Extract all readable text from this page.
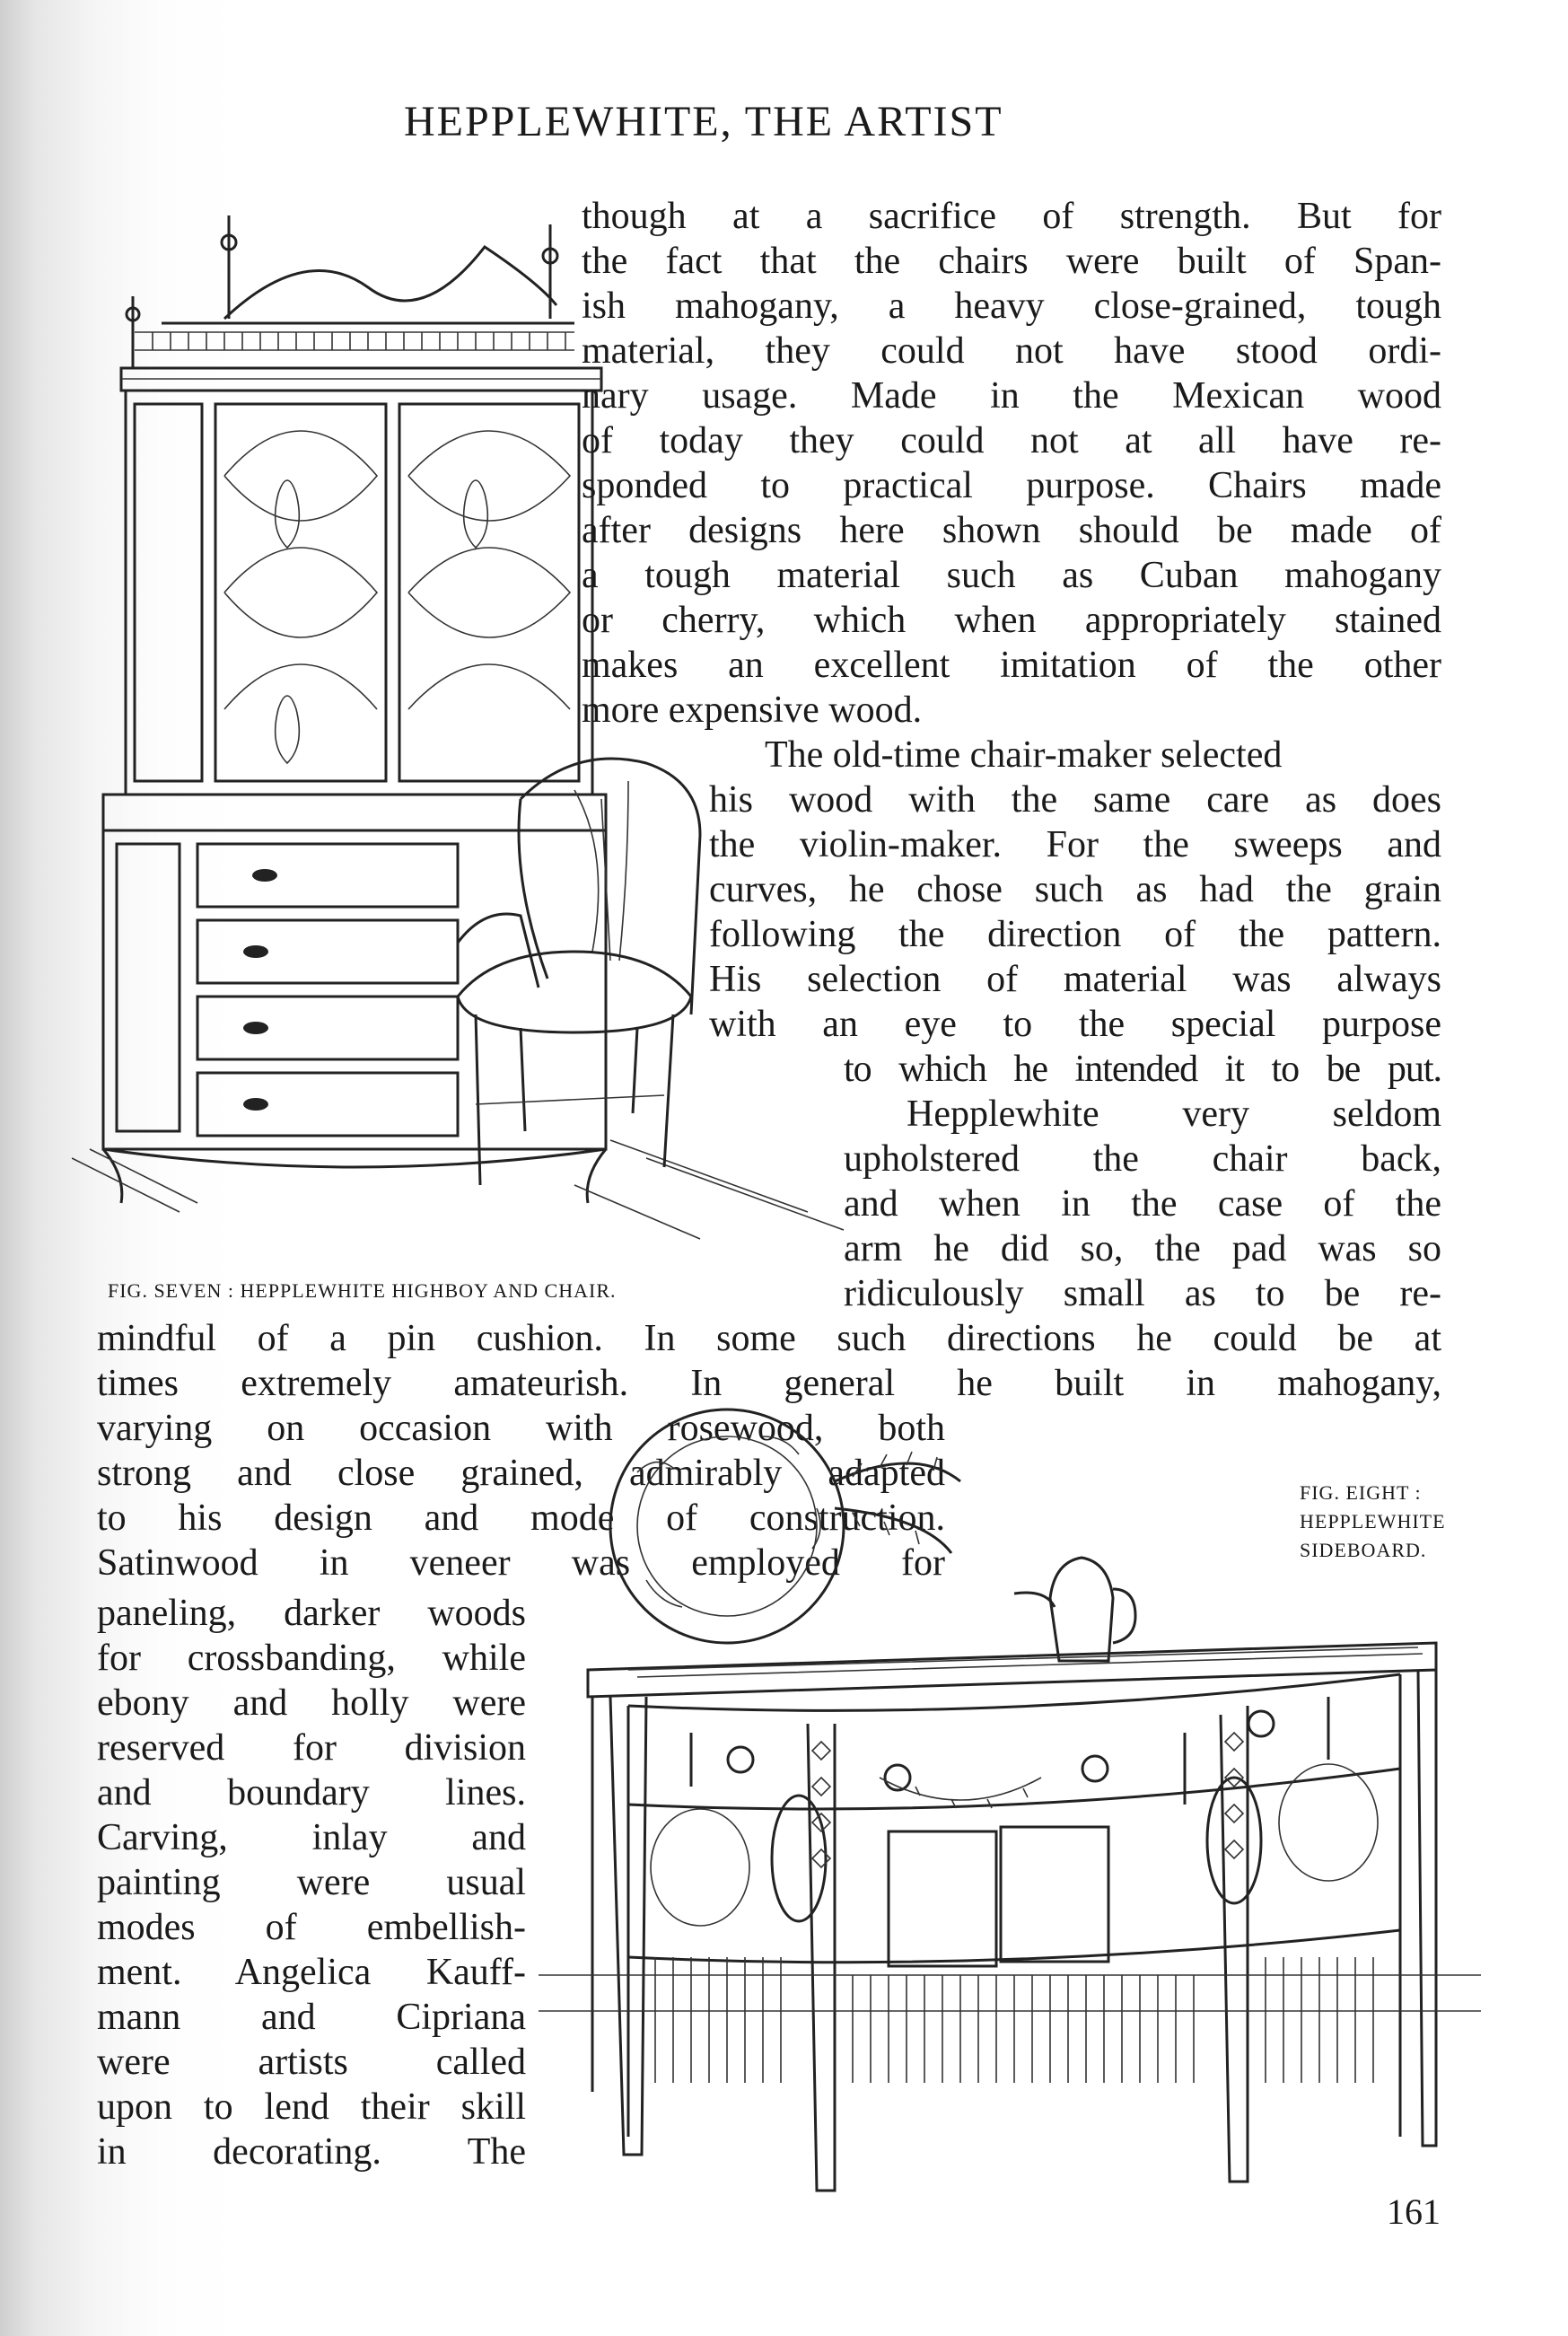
HEPPLEWHITE, THE ARTIST
FIG. SEVEN : HEPPLEWHITE HIGHBOY AND CHAIR.
though at a sacrifice of strength. But for
the fact that the chairs were built of Span-
ish mahogany, a heavy close-grained, tough
material, they could not have stood ordi-
nary usage. Made in the Mexican wood
of today they could not at all have re-
sponded to practical purpose. Chairs made
after designs here shown should be made of
a tough material such as Cuban mahogany
or cherry, which when appropriately stained
makes an excellent imitation of the other
more expensive wood.
The old-time chair-maker selected
his wood with the same care as does
the violin-maker. For the sweeps and
curves, he chose such as had the grain
following the direction of the pattern.
His selection of material was always
with an eye to the special purpose
to which he intended it to be put.
Hepplewhite very seldom
upholstered the chair back,
and when in the case of the
arm he did so, the pad was so
ridiculously small as to be re-
mindful of a pin cushion. In some such directions he could be at
times extremely amateurish. In general he built in mahogany,
varying on occasion with rosewood, both
strong and close grained, admirably adapted
to his design and mode of construction.
Satinwood in veneer was employed for
paneling, darker woods
for crossbanding, while
ebony and holly were
reserved for division
and boundary lines.
Carving, inlay and
painting were usual
modes of embellish-
ment. Angelica Kauff-
mann and Cipriana
were artists called
upon to lend their skill
in decorating. The
FIG. EIGHT :
HEPPLEWHITE
SIDEBOARD.
161
